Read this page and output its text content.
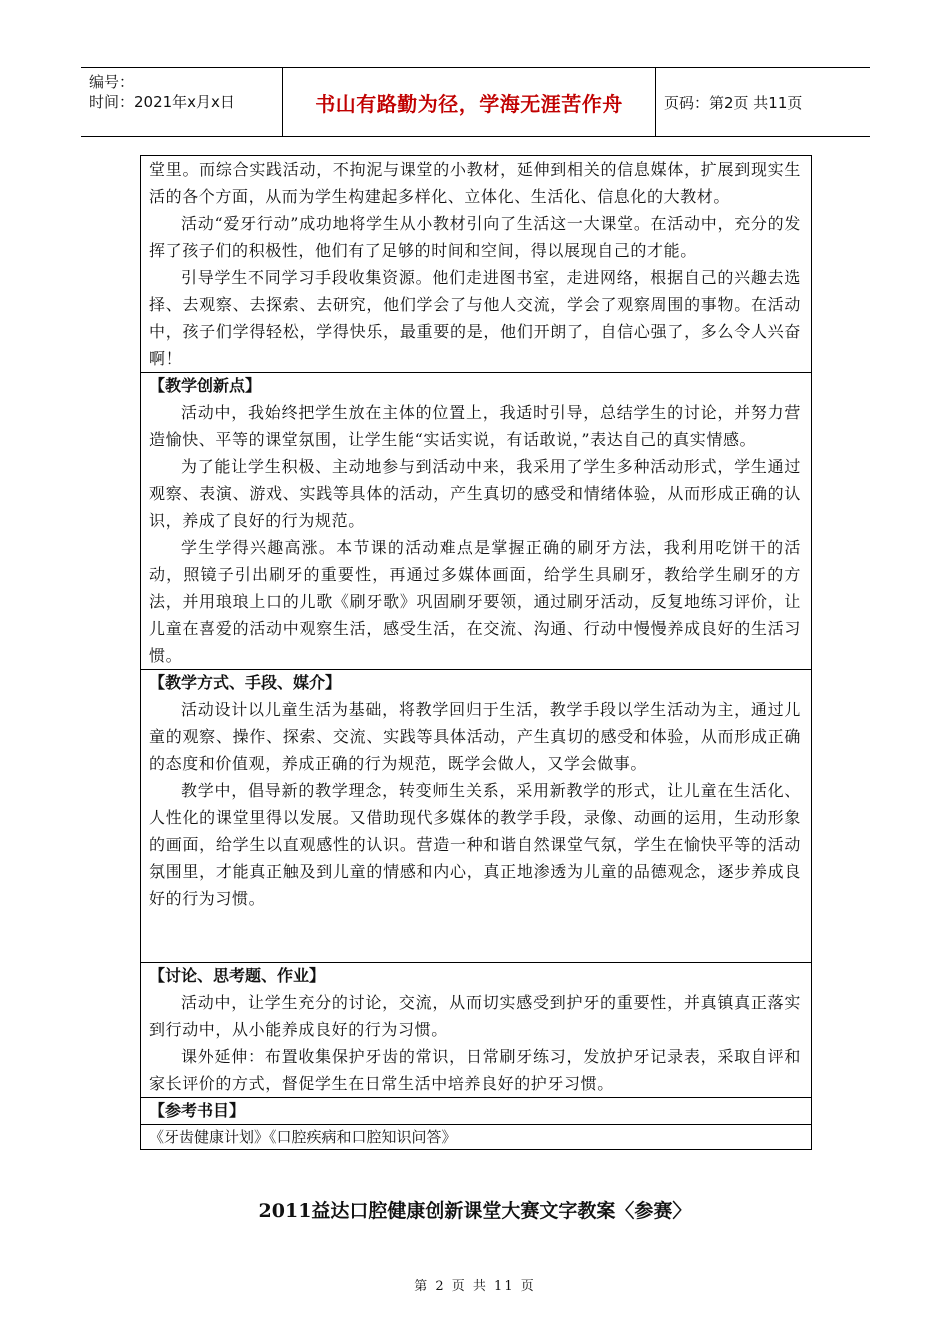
编号：
时间：2021年x月x日	书山有路勤为径，学海无涯苦作舟	页码：第2页 共11页

堂里。而综合实践活动，不拘泥与课堂的小教材，延伸到相关的信息媒体，扩展到现实生活的各个方面，从而为学生构建起多样化、立体化、生活化、信息化的大教材。

活动“爱牙行动”成功地将学生从小教材引向了生活这一大课堂。在活动中，充分的发挥了孩子们的积极性，他们有了足够的时间和空间，得以展现自己的才能。

引导学生不同学习手段收集资源。他们走进图书室，走进网络，根据自己的兴趣去选择、去观察、去探索、去研究，他们学会了与他人交流，学会了观察周围的事物。在活动中，孩子们学得轻松，学得快乐，最重要的是，他们开朗了，自信心强了，多么令人兴奋啊！

【教学创新点】

活动中，我始终把学生放在主体的位置上，我适时引导，总结学生的讨论，并努力营造愉快、平等的课堂氛围，让学生能“实话实说，有话敢说，”表达自己的真实情感。

为了能让学生积极、主动地参与到活动中来，我采用了学生多种活动形式，学生通过观察、表演、游戏、实践等具体的活动，产生真切的感受和情绪体验，从而形成正确的认识，养成了良好的行为规范。

学生学得兴趣高涨。本节课的活动难点是掌握正确的刷牙方法，我利用吃饼干的活动，照镜子引出刷牙的重要性，再通过多媒体画面，给学生具刷牙，教给学生刷牙的方法，并用琅琅上口的儿歌《刷牙歌》巩固刷牙要领，通过刷牙活动，反复地练习评价，让儿童在喜爱的活动中观察生活，感受生活，在交流、沟通、行动中慢慢养成良好的生活习惯。

【教学方式、手段、媒介】

活动设计以儿童生活为基础，将教学回归于生活，教学手段以学生活动为主，通过儿童的观察、操作、探索、交流、实践等具体活动，产生真切的感受和体验，从而形成正确的态度和价值观，养成正确的行为规范，既学会做人，又学会做事。

教学中，倡导新的教学理念，转变师生关系，采用新教学的形式，让儿童在生活化、人性化的课堂里得以发展。又借助现代多媒体的教学手段，录像、动画的运用，生动形象的画面，给学生以直观感性的认识。营造一种和谐自然课堂气氛，学生在愉快平等的活动氛围里，才能真正触及到儿童的情感和内心，真正地渗透为儿童的品德观念，逐步养成良好的行为习惯。

【讨论、思考题、作业】

活动中，让学生充分的讨论，交流，从而切实感受到护牙的重要性，并真镇真正落实到行动中，从小能养成良好的行为习惯。

课外延伸：布置收集保护牙齿的常识，日常刷牙练习，发放护牙记录表，采取自评和家长评价的方式，督促学生在日常生活中培养良好的护牙习惯。

【参考书目】
《牙齿健康计划》《口腔疾病和口腔知识问答》
2011益达口腔健康创新课堂大赛文字教案〈参赛〉
第 2 页 共 11 页
